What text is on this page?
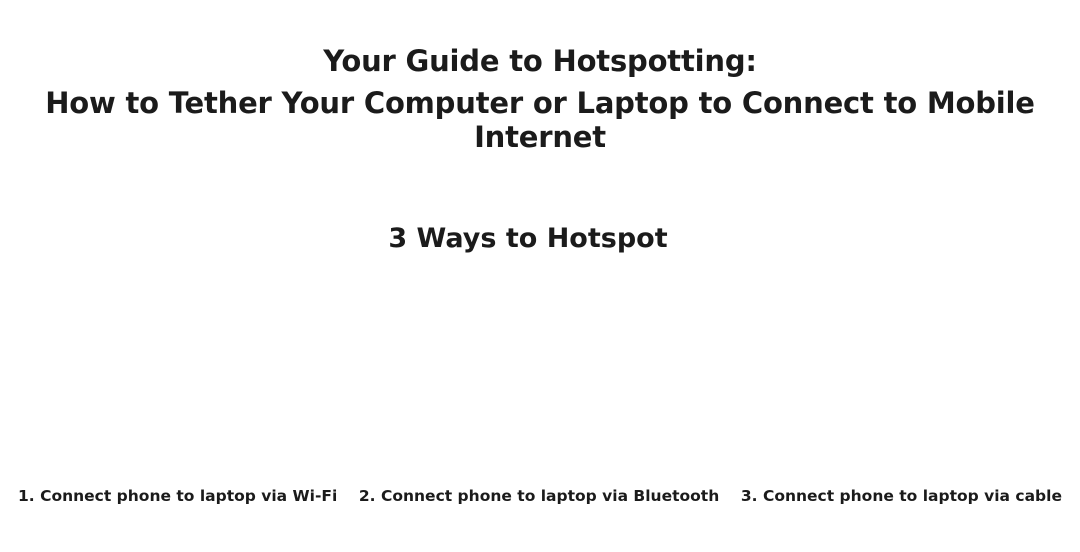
Your Guide to Hotspotting:
How to Tether Your Computer or Laptop to Connect to Mobile Internet
3 Ways to Hotspot
1. Connect phone to laptop via Wi-Fi 2. Connect phone to laptop via Bluetooth 3. Connect phone to laptop via cable
